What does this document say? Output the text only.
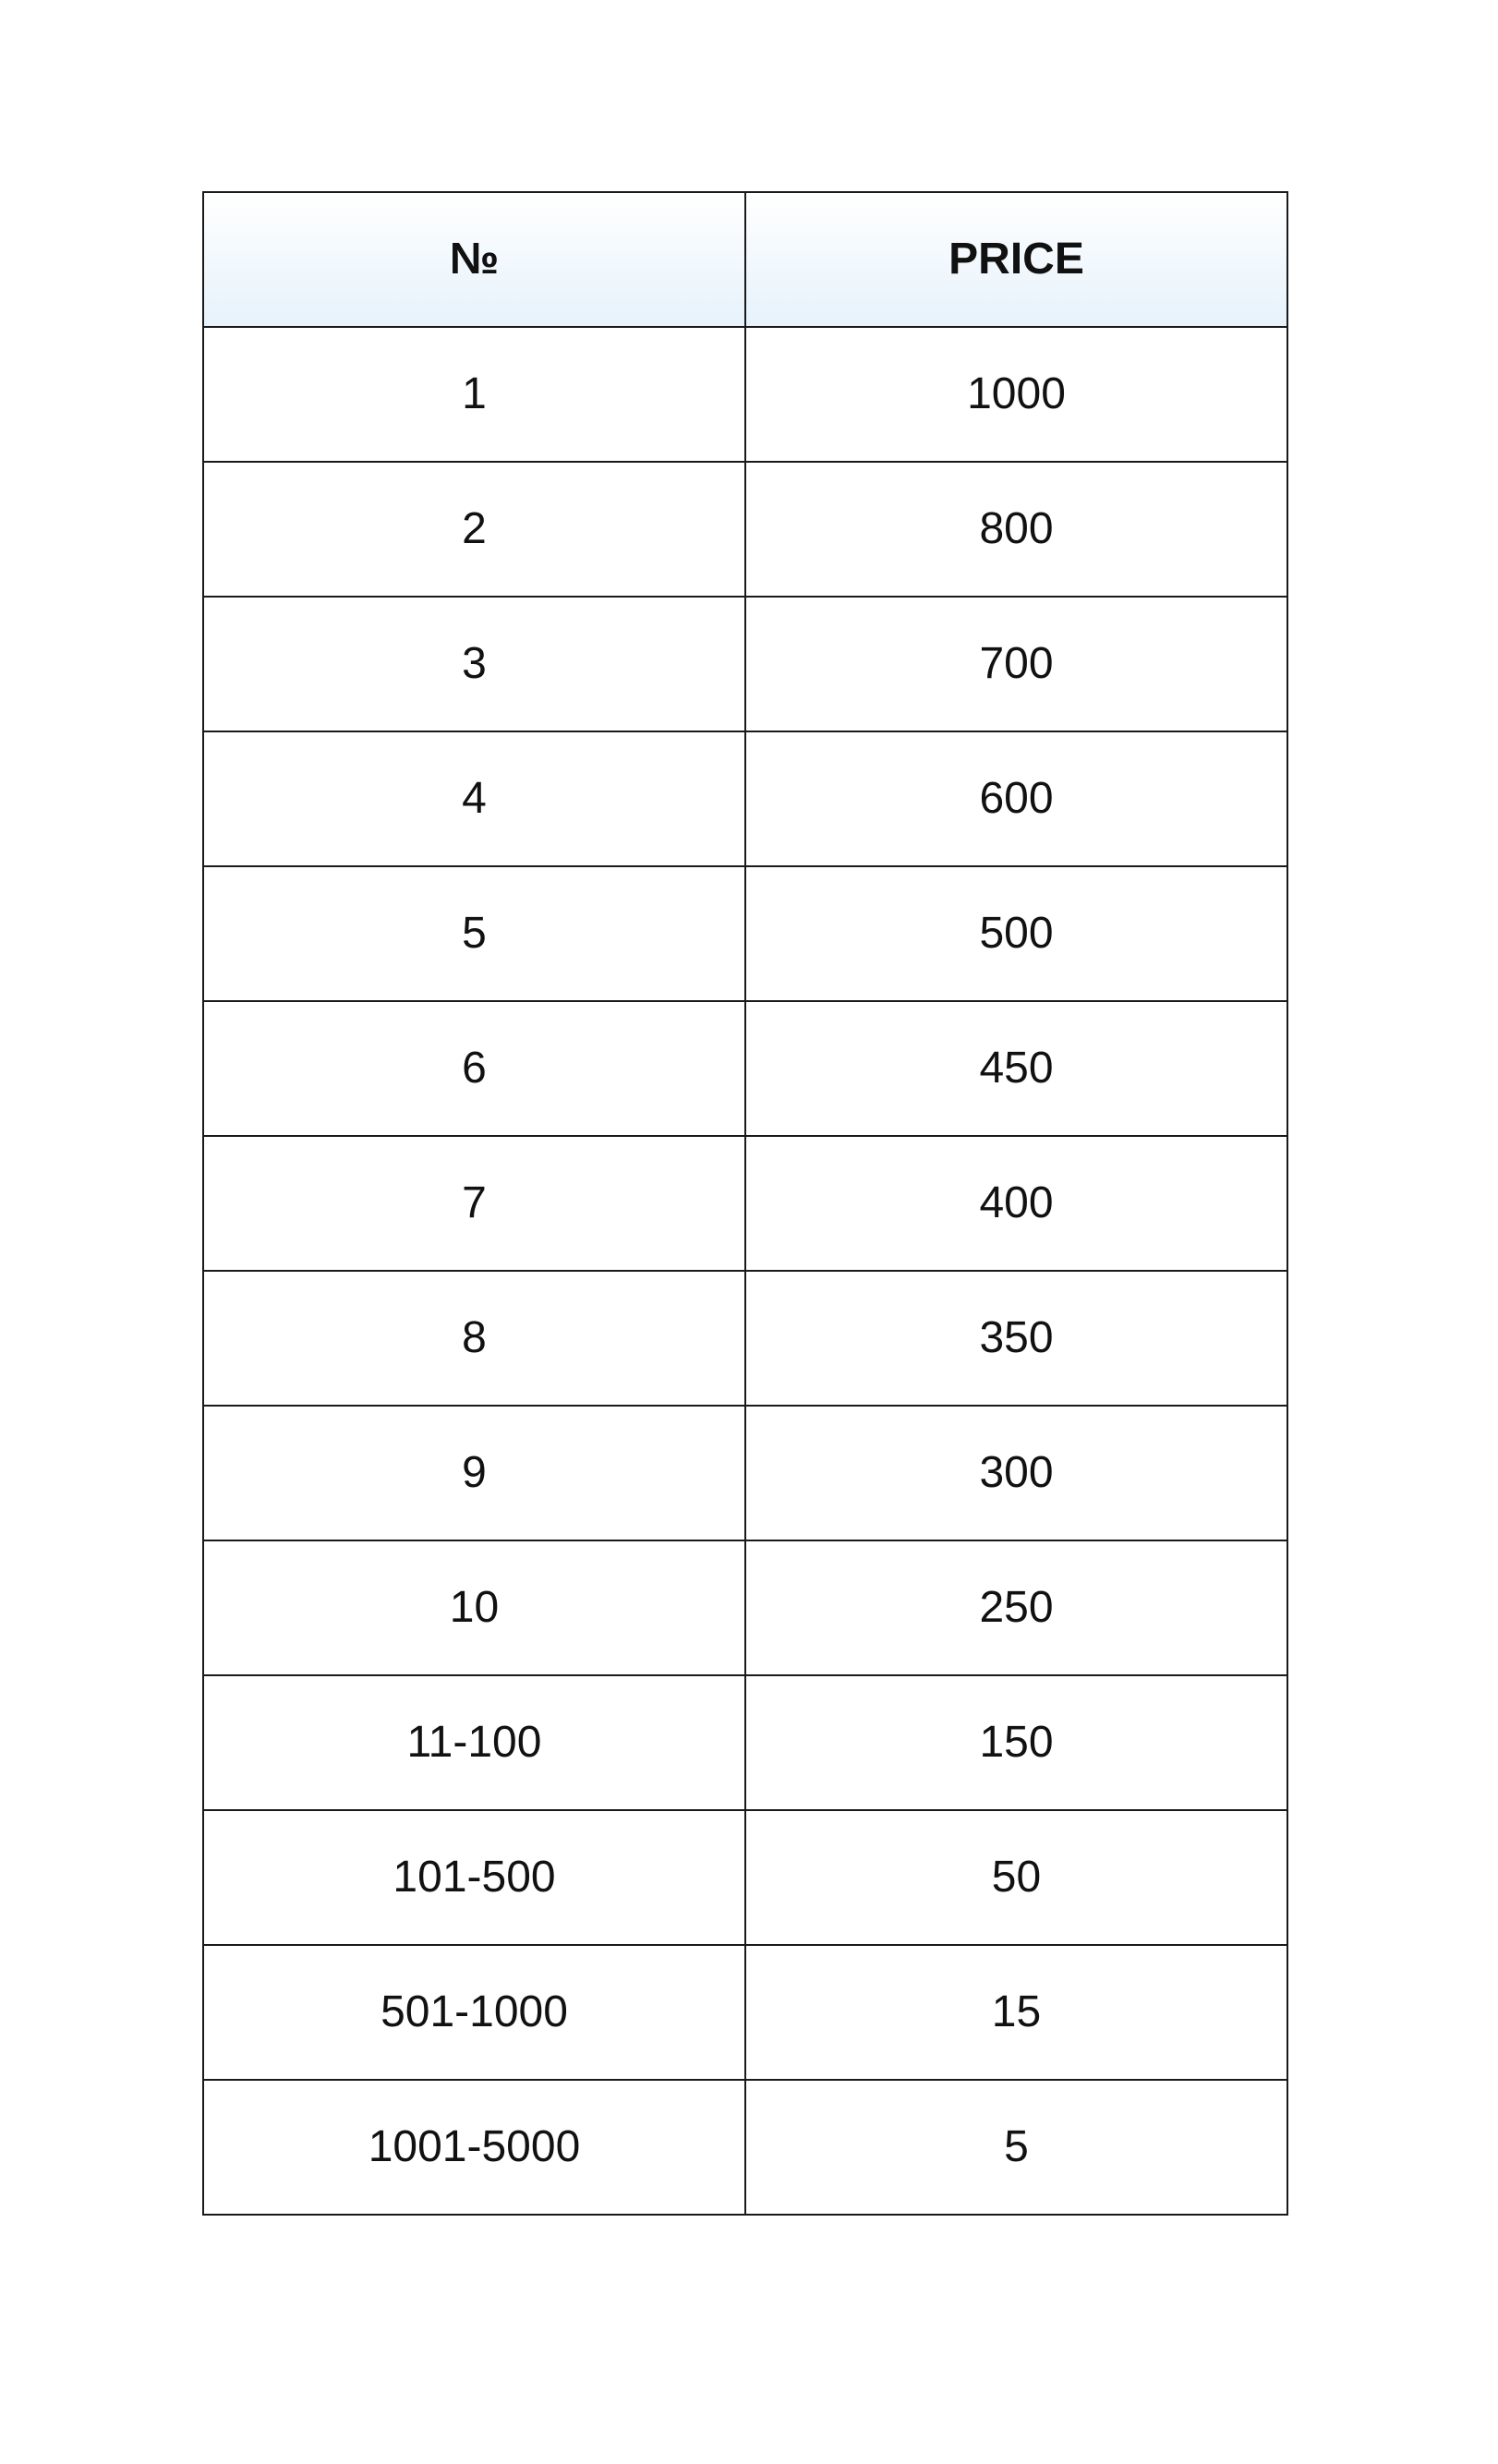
№	PRICE
1	1000
2	800
3	700
4	600
5	500
6	450
7	400
8	350
9	300
10	250
11-100	150
101-500	50
501-1000	15
1001-5000	5
